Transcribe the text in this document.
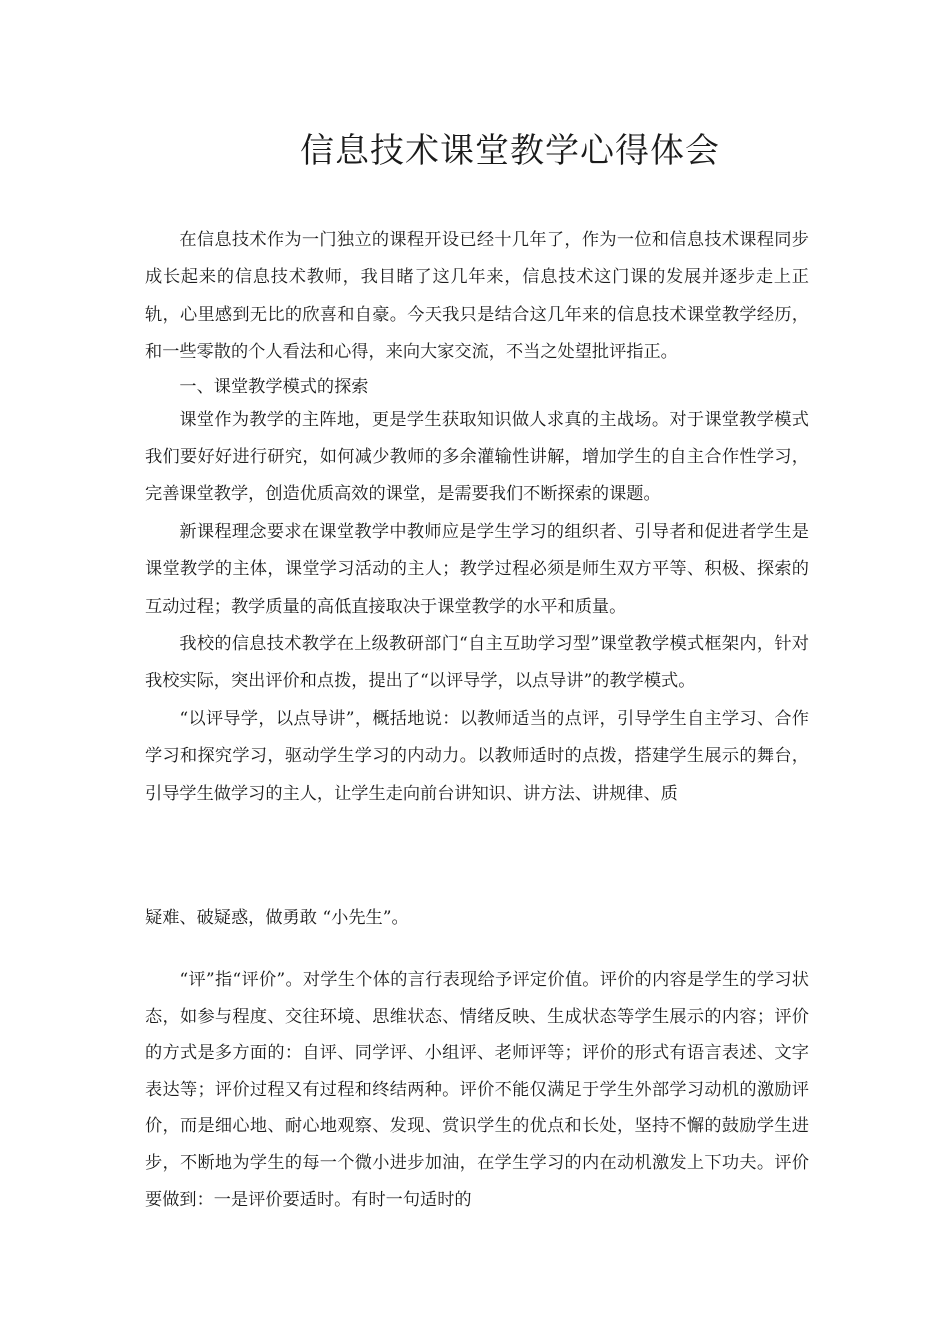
信息技术课堂教学心得体会

在信息技术作为一门独立的课程开设已经十几年了，作为一位和信息技术课程同步成长起来的信息技术教师，我目睹了这几年来，信息技术这门课的发展并逐步走上正轨，心里感到无比的欣喜和自豪。今天我只是结合这几年来的信息技术课堂教学经历，和一些零散的个人看法和心得，来向大家交流，不当之处望批评指正。

一、课堂教学模式的探索

课堂作为教学的主阵地，更是学生获取知识做人求真的主战场。对于课堂教学模式我们要好好进行研究，如何减少教师的多余灌输性讲解，增加学生的自主合作性学习，完善课堂教学，创造优质高效的课堂，是需要我们不断探索的课题。

新课程理念要求在课堂教学中教师应是学生学习的组织者、引导者和促进者学生是课堂教学的主体，课堂学习活动的主人；教学过程必须是师生双方平等、积极、探索的互动过程；教学质量的高低直接取决于课堂教学的水平和质量。

我校的信息技术教学在上级教研部门“自主互助学习型”课堂教学模式框架内，针对我校实际，突出评价和点拨，提出了“以评导学，以点导讲”的教学模式。

“以评导学，以点导讲”，概括地说：以教师适当的点评，引导学生自主学习、合作学习和探究学习，驱动学生学习的内动力。以教师适时的点拨，搭建学生展示的舞台，引导学生做学习的主人，让学生走向前台讲知识、讲方法、讲规律、质

疑难、破疑惑，做勇敢 “小先生”。

“评”指“评价”。对学生个体的言行表现给予评定价值。评价的内容是学生的学习状态，如参与程度、交往环境、思维状态、情绪反映、生成状态等学生展示的内容；评价的方式是多方面的：自评、同学评、小组评、老师评等；评价的形式有语言表述、文字表达等；评价过程又有过程和终结两种。评价不能仅满足于学生外部学习动机的激励评价，而是细心地、耐心地观察、发现、赏识学生的优点和长处，坚持不懈的鼓励学生进步，不断地为学生的每一个微小进步加油，在学生学习的内在动机激发上下功夫。评价要做到：一是评价要适时。有时一句适时的
